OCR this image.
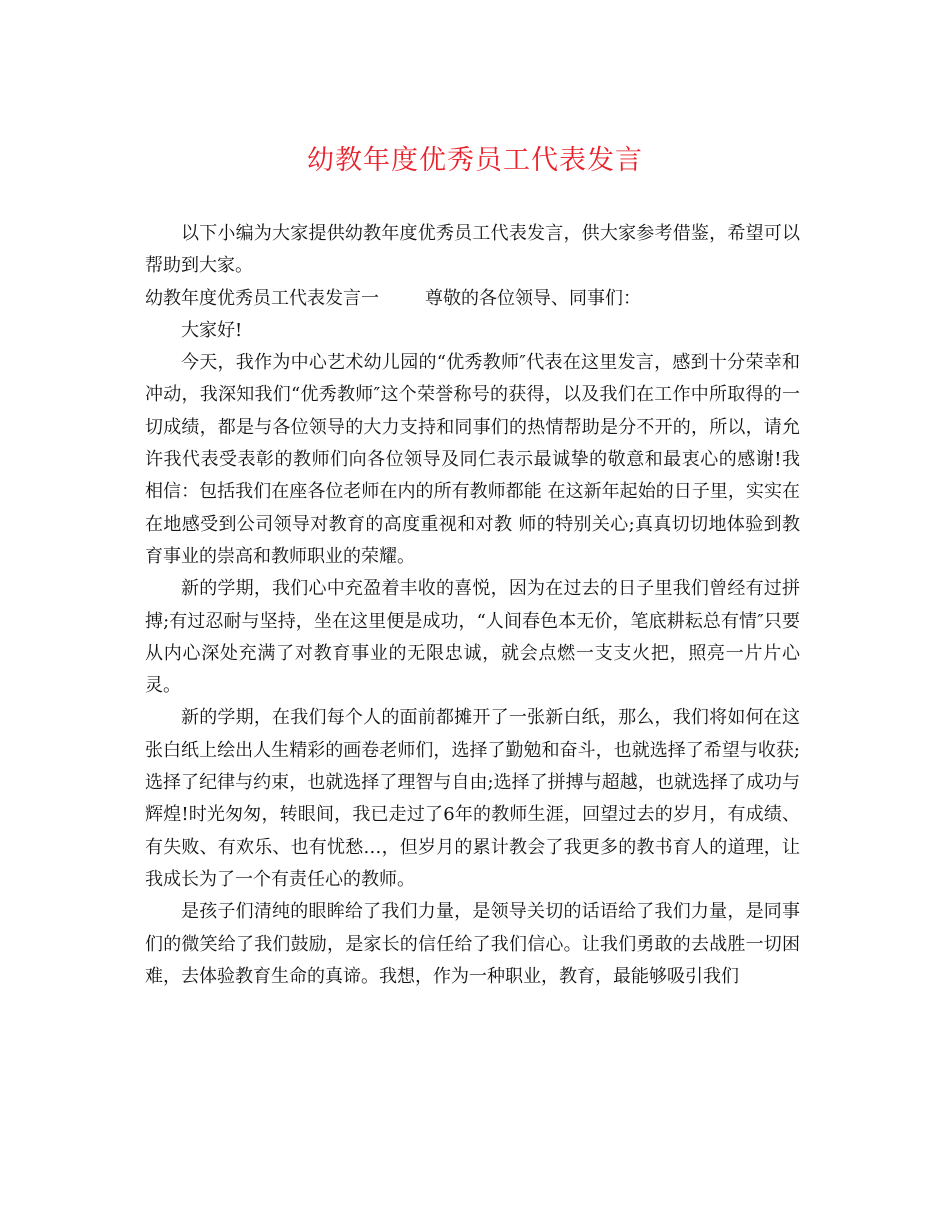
幼教年度优秀员工代表发言

以下小编为大家提供幼教年度优秀员工代表发言，供大家参考借鉴，希望可以帮助到大家。

幼教年度优秀员工代表发言一	尊敬的各位领导、同事们：

大家好!

今天，我作为中心艺术幼儿园的“优秀教师″代表在这里发言，感到十分荣幸和冲动，我深知我们“优秀教师″这个荣誉称号的获得，以及我们在工作中所取得的一切成绩，都是与各位领导的大力支持和同事们的热情帮助是分不开的，所以，请允许我代表受表彰的教师们向各位领导及同仁表示最诚挚的敬意和最衷心的感谢!我相信：包括我们在座各位老师在内的所有教师都能 在这新年起始的日子里，实实在在地感受到公司领导对教育的高度重视和对教 师的特别关心;真真切切地体验到教育事业的崇高和教师职业的荣耀。

新的学期，我们心中充盈着丰收的喜悦，因为在过去的日子里我们曾经有过拼搏;有过忍耐与坚持，坐在这里便是成功，“人间春色本无价，笔底耕耘总有情″只要从内心深处充满了对教育事业的无限忠诚，就会点燃一支支火把，照亮一片片心灵。

新的学期，在我们每个人的面前都摊开了一张新白纸，那么，我们将如何在这张白纸上绘出人生精彩的画卷老师们，选择了勤勉和奋斗，也就选择了希望与收获;选择了纪律与约束，也就选择了理智与自由;选择了拼搏与超越，也就选择了成功与辉煌!时光匆匆，转眼间，我已走过了6年的教师生涯，回望过去的岁月，有成绩、有失败、有欢乐、也有忧愁…，但岁月的累计教会了我更多的教书育人的道理，让我成长为了一个有责任心的教师。

是孩子们清纯的眼眸给了我们力量，是领导关切的话语给了我们力量，是同事们的微笑给了我们鼓励，是家长的信任给了我们信心。让我们勇敢的去战胜一切困难，去体验教育生命的真谛。我想，作为一种职业，教育，最能够吸引我们
